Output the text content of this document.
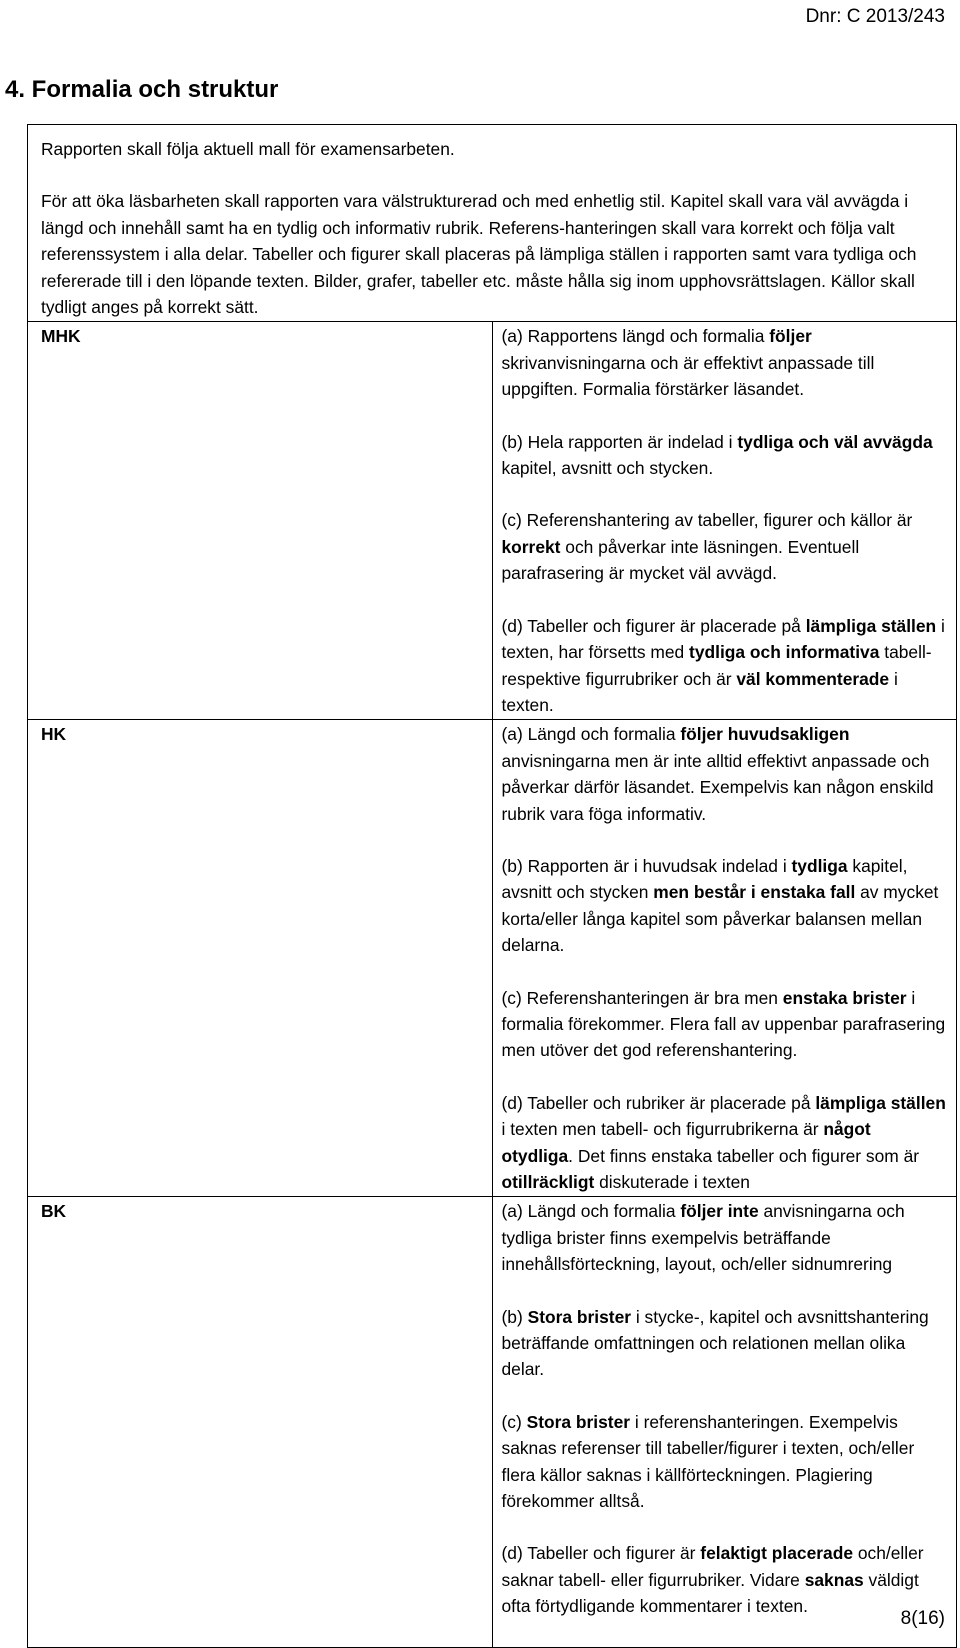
Dnr: C 2013/243
4. Formalia och struktur

Rapporten skall följa aktuell mall för examensarbeten.

För att öka läsbarheten skall rapporten vara välstrukturerad och med enhetlig stil. Kapitel skall vara väl avvägda i längd och innehåll samt ha en tydlig och informativ rubrik. Referens-hanteringen skall vara korrekt och följa valt referenssystem i alla delar. Tabeller och figurer skall placeras på lämpliga ställen i rapporten samt vara tydliga och refererade till i den löpande texten. Bilder, grafer, tabeller etc. måste hålla sig inom upphovsrättslagen. Källor skall tydligt anges på korrekt sätt.	

MHK	(a) Rapportens längd och formalia följer skrivanvisningarna och är effektivt anpassade till uppgiften. Formalia förstärker läsandet.

(b) Hela rapporten är indelad i tydliga och väl avvägda kapitel, avsnitt och stycken.

(c) Referenshantering av tabeller, figurer och källor är korrekt och påverkar inte läsningen. Eventuell parafrasering är mycket väl avvägd.

(d) Tabeller och figurer är placerade på lämpliga ställen i texten, har försetts med tydliga och informativa tabell- respektive figurrubriker och är väl kommenterade i texten.

HK	(a) Längd och formalia följer huvudsakligen anvisningarna men är inte alltid effektivt anpassade och påverkar därför läsandet. Exempelvis kan någon enskild rubrik vara föga informativ.

(b) Rapporten är i huvudsak indelad i tydliga kapitel, avsnitt och stycken men består i enstaka fall av mycket korta/eller långa kapitel som påverkar balansen mellan delarna.

(c) Referenshanteringen är bra men enstaka brister i formalia förekommer. Flera fall av uppenbar parafrasering men utöver det god referenshantering.

(d) Tabeller och rubriker är placerade på lämpliga ställen i texten men tabell- och figurrubrikerna är något otydliga. Det finns enstaka tabeller och figurer som är otillräckligt diskuterade i texten

BK	(a) Längd och formalia följer inte anvisningarna och tydliga brister finns exempelvis beträffande innehållsförteckning, layout, och/eller sidnumrering

(b) Stora brister i stycke-, kapitel och avsnittshantering beträffande omfattningen och relationen mellan olika delar.

(c) Stora brister i referenshanteringen. Exempelvis saknas referenser till tabeller/figurer i texten, och/eller flera källor saknas i källförteckningen. Plagiering förekommer alltså.

(d) Tabeller och figurer är felaktigt placerade och/eller saknar tabell- eller figurrubriker. Vidare saknas väldigt ofta förtydligande kommentarer i texten.

8(16)
